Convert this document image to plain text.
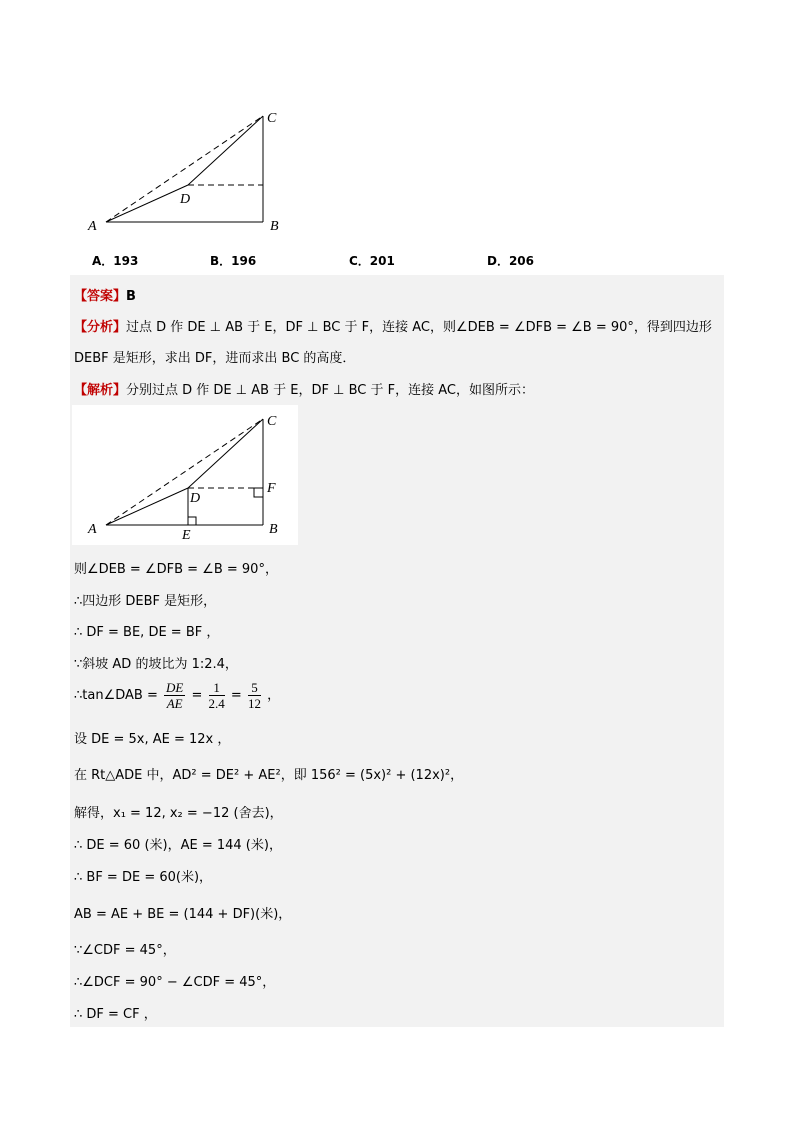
C
D
A	B
A．193	B．196	C．201	D．206
【答案】B
【分析】过点 D 作 DE ⊥ AB 于 E，DF ⊥ BC 于 F，连接 AC，则∠DEB = ∠DFB = ∠B = 90°，得到四边形
DEBF 是矩形，求出 DF，进而求出 BC 的高度．
【解析】分别过点 D 作 DE ⊥ AB 于 E，DF ⊥ BC 于 F，连接 AC，如图所示：
C
D
F
A	E	B
则∠DEB = ∠DFB = ∠B = 90°，
∴四边形 DEBF 是矩形，
∴ DF = BE, DE = BF ，
∵斜坡 AD 的坡比为 1:2.4，
∴tan∠DAB = $\frac{DE}{AE} = \frac{1}{2.4} = \frac{5}{12}$ ，
设 DE = 5x, AE = 12x ，
在 Rt△ADE 中，AD² = DE² + AE²，即 156² = (5x)² + (12x)²，
解得，x₁ = 12, x₂ = −12 (舍去)，
∴ DE = 60 (米)，AE = 144 (米)，
∴ BF = DE = 60(米)，
AB = AE + BE = (144 + DF)(米)，
∵∠CDF = 45°，
∴∠DCF = 90° − ∠CDF = 45°，
∴ DF = CF ，
